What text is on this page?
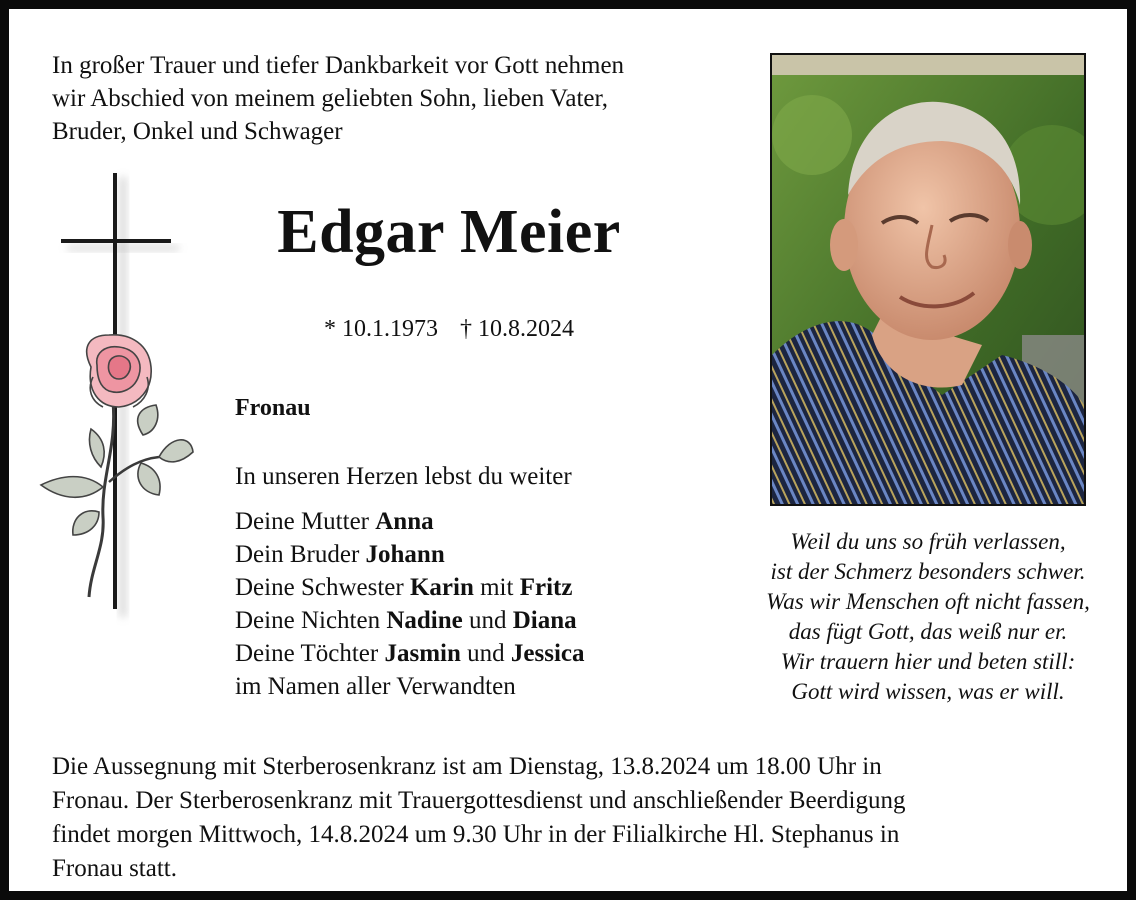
In großer Trauer und tiefer Dankbarkeit vor Gott nehmen
wir Abschied von meinem geliebten Sohn, lieben Vater,
Bruder, Onkel und Schwager
Edgar Meier
* 10.1.1973 † 10.8.2024
Fronau
In unseren Herzen lebst du weiter
Deine Mutter Anna
Dein Bruder Johann
Deine Schwester Karin mit Fritz
Deine Nichten Nadine und Diana
Deine Töchter Jasmin und Jessica
im Namen aller Verwandten
Weil du uns so früh verlassen,
ist der Schmerz besonders schwer.
Was wir Menschen oft nicht fassen,
das fügt Gott, das weiß nur er.
Wir trauern hier und beten still:
Gott wird wissen, was er will.
Die Aussegnung mit Sterberosenkranz ist am Dienstag, 13.8.2024 um 18.00 Uhr in
Fronau. Der Sterberosenkranz mit Trauergottesdienst und anschließender Beerdigung
findet morgen Mittwoch, 14.8.2024 um 9.30 Uhr in der Filialkirche Hl. Stephanus in
Fronau statt.
